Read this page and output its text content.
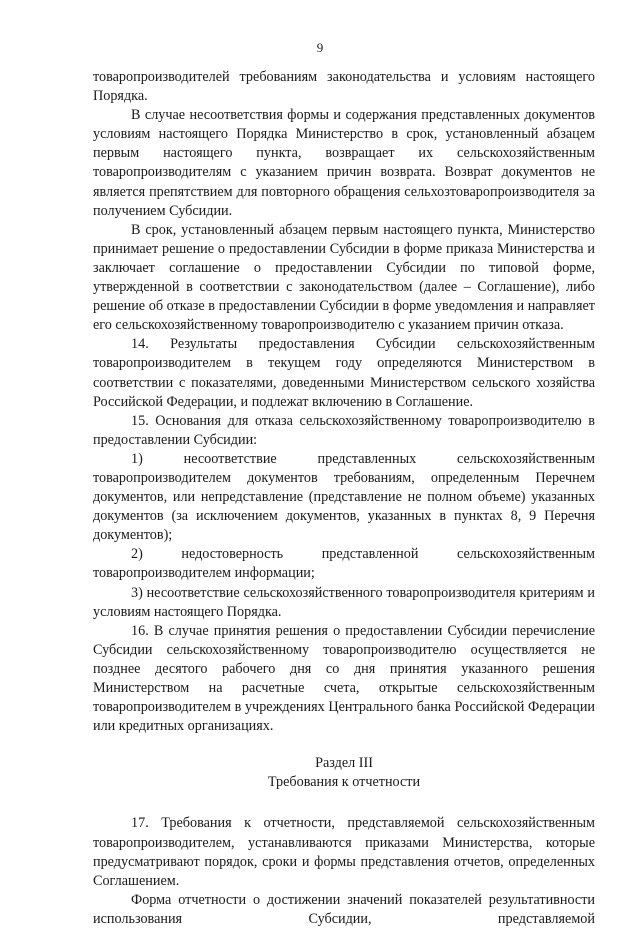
9

товаропроизводителей требованиям законодательства и условиям настоящего Порядка.

В случае несоответствия формы и содержания представленных документов условиям настоящего Порядка Министерство в срок, установленный абзацем первым настоящего пункта, возвращает их сельскохозяйственным товаропроизводителям с указанием причин возврата. Возврат документов не является препятствием для повторного обращения сельхозтоваропроизводителя за получением Субсидии.

В срок, установленный абзацем первым настоящего пункта, Министерство принимает решение о предоставлении Субсидии в форме приказа Министерства и заключает соглашение о предоставлении Субсидии по типовой форме, утвержденной в соответствии с законодательством (далее – Соглашение), либо решение об отказе в предоставлении Субсидии в форме уведомления и направляет его сельскохозяйственному товаропроизводителю с указанием причин отказа.

14. Результаты предоставления Субсидии сельскохозяйственным товаропроизводителем в текущем году определяются Министерством в соответствии с показателями, доведенными Министерством сельского хозяйства Российской Федерации, и подлежат включению в Соглашение.

15. Основания для отказа сельскохозяйственному товаропроизводителю в предоставлении Субсидии:

1) несоответствие представленных сельскохозяйственным товаропроизводителем документов требованиям, определенным Перечнем документов, или непредставление (представление не полном объеме) указанных документов (за исключением документов, указанных в пунктах 8, 9 Перечня документов);

2) недостоверность представленной сельскохозяйственным товаропроизводителем информации;

3) несоответствие сельскохозяйственного товаропроизводителя критериям и условиям настоящего Порядка.

16. В случае принятия решения о предоставлении Субсидии перечисление Субсидии сельскохозяйственному товаропроизводителю осуществляется не позднее десятого рабочего дня со дня принятия указанного решения Министерством на расчетные счета, открытые сельскохозяйственным товаропроизводителем в учреждениях Центрального банка Российской Федерации или кредитных организациях.

Раздел III

Требования к отчетности

17. Требования к отчетности, представляемой сельскохозяйственным товаропроизводителем, устанавливаются приказами Министерства, которые предусматривают порядок, сроки и формы представления отчетов, определенных Соглашением.

Форма отчетности о достижении значений показателей результативности использования Субсидии, представляемой
